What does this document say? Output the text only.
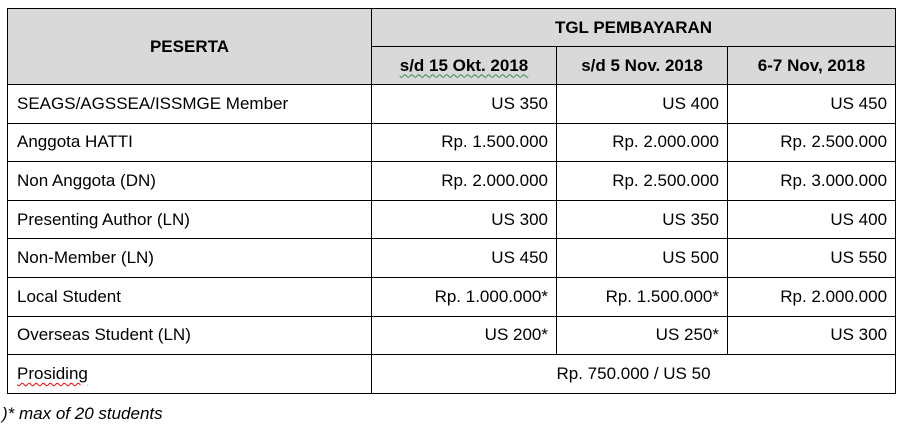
PESERTA	TGL PEMBAYARAN		
	s/d 15 Okt. 2018	s/d 5 Nov. 2018	6-7 Nov, 2018
SEAGS/AGSSEA/ISSMGE Member	US 350	US 400	US 450
Anggota HATTI	Rp. 1.500.000	Rp. 2.000.000	Rp. 2.500.000
Non Anggota (DN)	Rp. 2.000.000	Rp. 2.500.000	Rp. 3.000.000
Presenting Author (LN)	US 300	US 350	US 400
Non-Member (LN)	US 450	US 500	US 550
Local Student	Rp. 1.000.000*	Rp. 1.500.000*	Rp. 2.000.000
Overseas Student (LN)	US 200*	US 250*	US 300
Prosiding	Rp. 750.000 / US 50		
)* max of 20 students
